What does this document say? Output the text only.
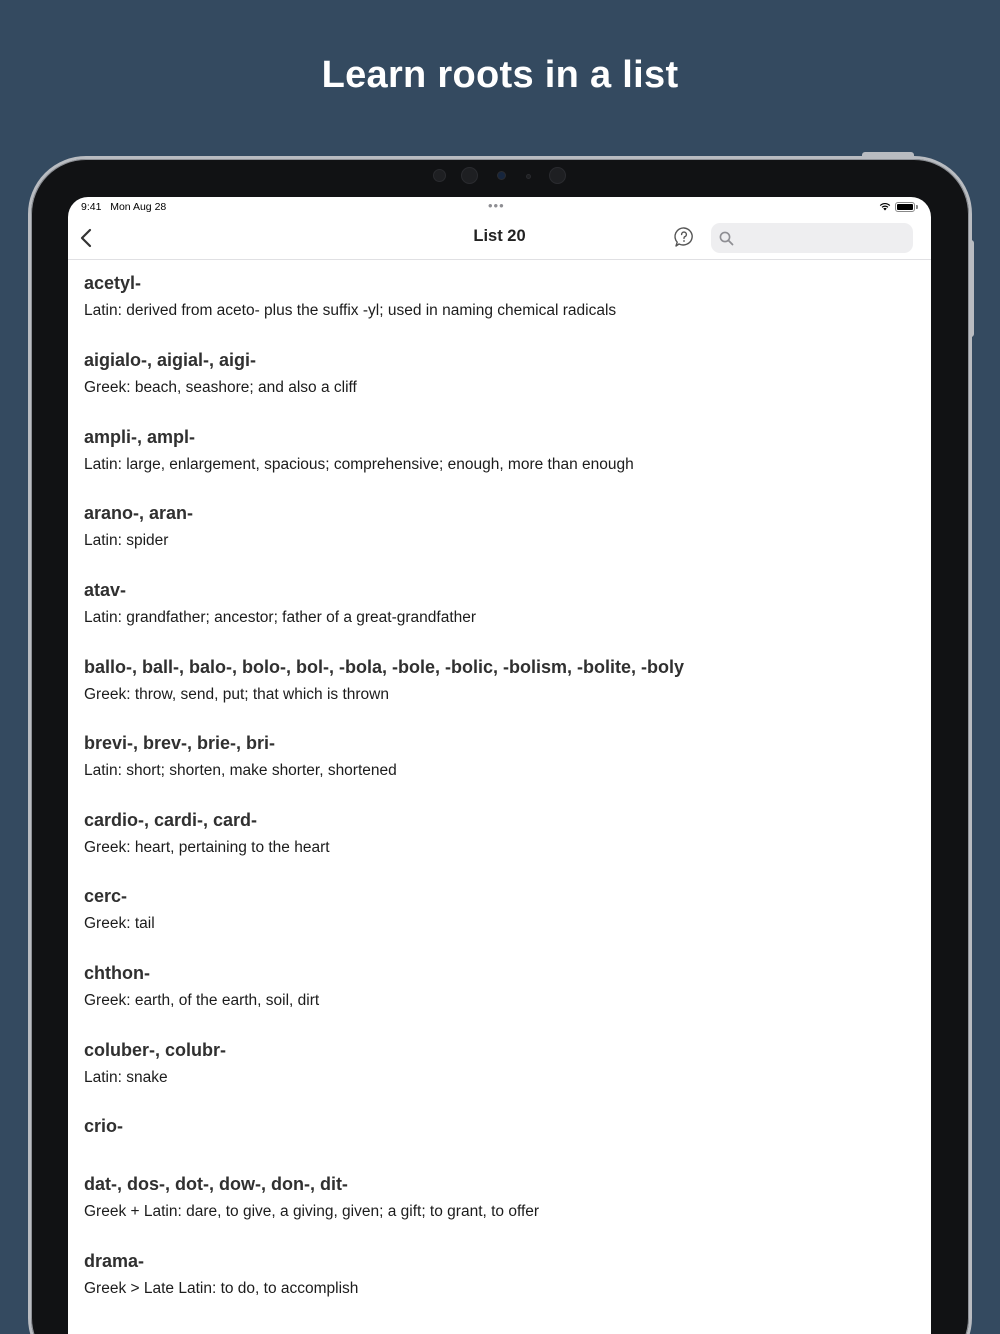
Learn roots in a list
9:41 Mon Aug 28	•••
List 20
acetyl-
Latin: derived from aceto- plus the suffix -yl; used in naming chemical radicals
aigialo-, aigial-, aigi-
Greek: beach, seashore; and also a cliff
ampli-, ampl-
Latin: large, enlargement, spacious; comprehensive; enough, more than enough
arano-, aran-
Latin: spider
atav-
Latin: grandfather; ancestor; father of a great-grandfather
ballo-, ball-, balo-, bolo-, bol-, -bola, -bole, -bolic, -bolism, -bolite, -boly
Greek: throw, send, put; that which is thrown
brevi-, brev-, brie-, bri-
Latin: short; shorten, make shorter, shortened
cardio-, cardi-, card-
Greek: heart, pertaining to the heart
cerc-
Greek: tail
chthon-
Greek: earth, of the earth, soil, dirt
coluber-, colubr-
Latin: snake
crio-
dat-, dos-, dot-, dow-, don-, dit-
Greek + Latin: dare, to give, a giving, given; a gift; to grant, to offer
drama-
Greek > Late Latin: to do, to accomplish
